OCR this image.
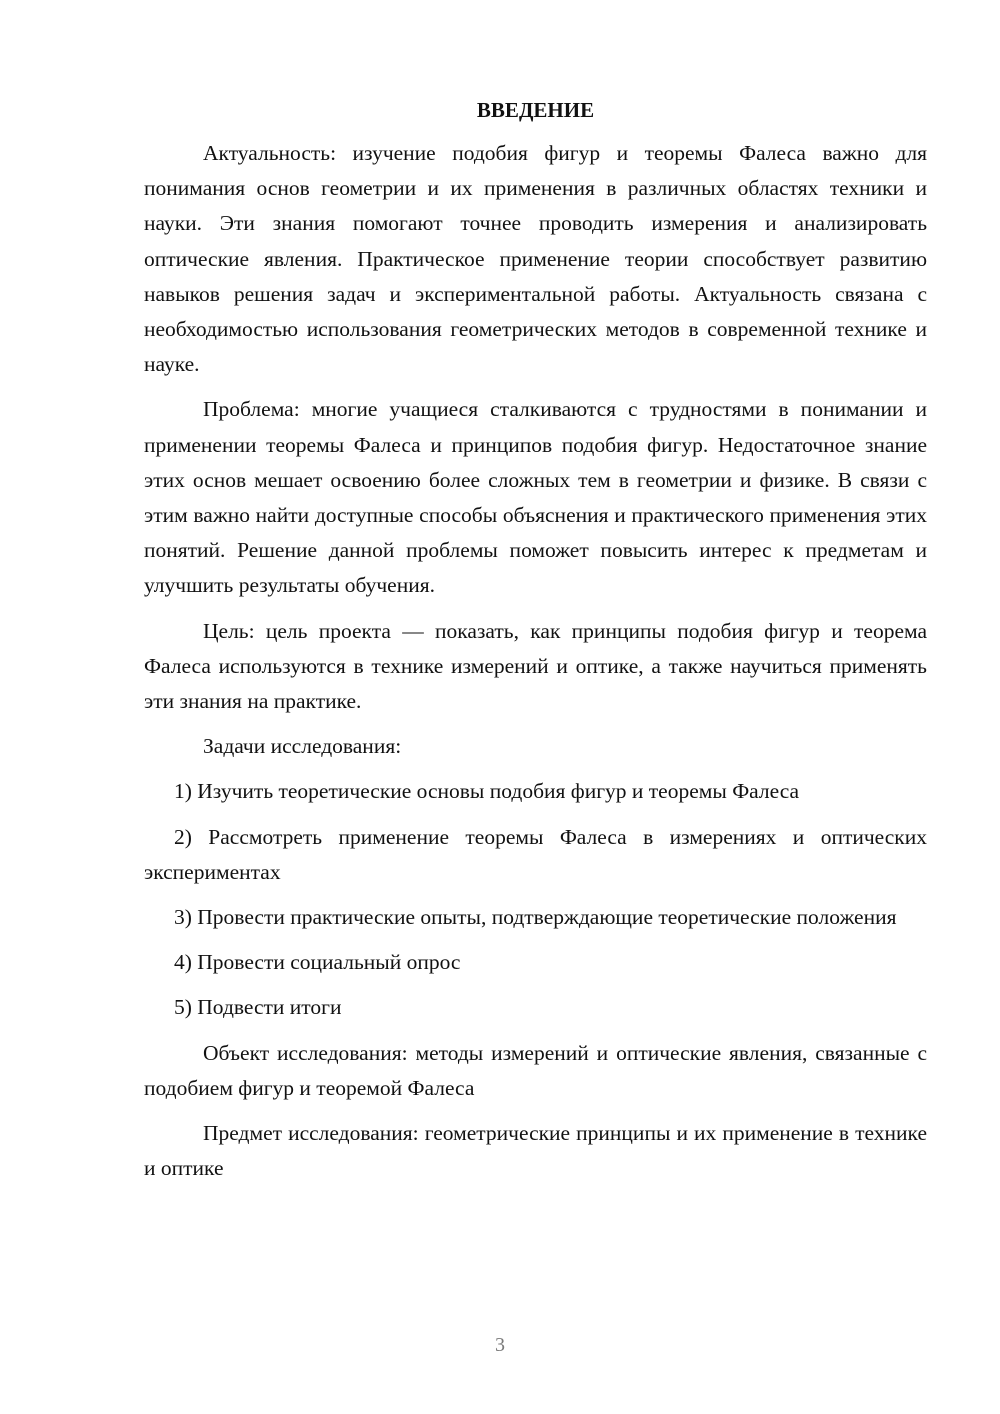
ВВЕДЕНИЕ

Актуальность: изучение подобия фигур и теоремы Фалеса важно для понимания основ геометрии и их применения в различных областях техники и науки. Эти знания помогают точнее проводить измерения и анализировать оптические явления. Практическое применение теории способствует развитию навыков решения задач и экспериментальной работы. Актуальность связана с необходимостью использования геометрических методов в современной технике и науке.

Проблема: многие учащиеся сталкиваются с трудностями в понимании и применении теоремы Фалеса и принципов подобия фигур. Недостаточное знание этих основ мешает освоению более сложных тем в геометрии и физике. В связи с этим важно найти доступные способы объяснения и практического применения этих понятий. Решение данной проблемы поможет повысить интерес к предметам и улучшить результаты обучения.

Цель: цель проекта — показать, как принципы подобия фигур и теорема Фалеса используются в технике измерений и оптике, а также научиться применять эти знания на практике.

Задачи исследования:

1) Изучить теоретические основы подобия фигур и теоремы Фалеса

2) Рассмотреть применение теоремы Фалеса в измерениях и оптических экспериментах

3) Провести практические опыты, подтверждающие теоретические положения

4) Провести социальный опрос

5) Подвести итоги

Объект исследования: методы измерений и оптические явления, связанные с подобием фигур и теоремой Фалеса

Предмет исследования: геометрические принципы и их применение в технике и оптике

3
